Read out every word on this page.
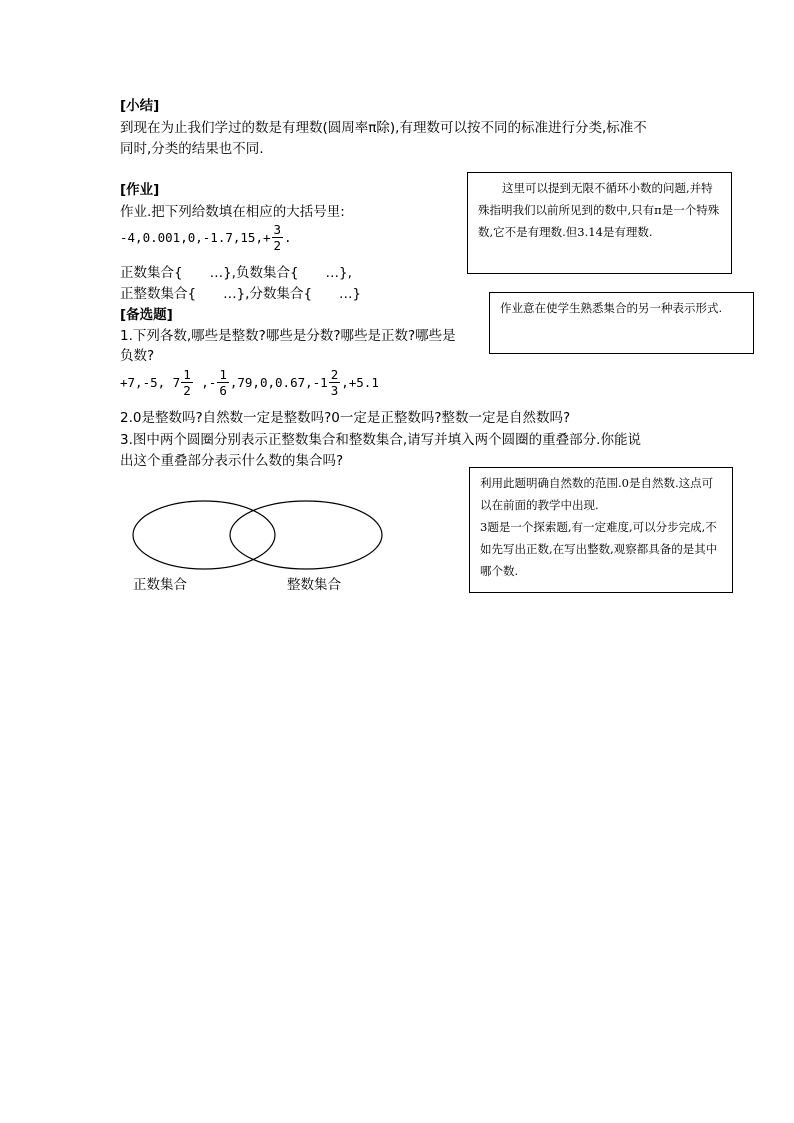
[小结]
到现在为止我们学过的数是有理数(圆周率π除),有理数可以按不同的标准进行分类,标准不
同时,分类的结果也不同.
[作业]
作业.把下列给数填在相应的大括号里:
$-4,0.001,0,-1.7,15,+ \frac{3}{2}$ .
正数集合{　　…},负数集合{　　…},
正整数集合{　　…},分数集合{　　…}
[备选题]
1.下列各数,哪些是整数?哪些是分数?哪些是正数?哪些是
负数?
+7,-5, $7 \frac{1}{2}$ ,- $\frac{1}{6} ,79,0,0.67,-1 \frac{2}{3} ,+5.1$
2.0是整数吗?自然数一定是整数吗?0一定是正整数吗?整数一定是自然数吗?
3.图中两个圆圈分别表示正整数集合和整数集合,请写并填入两个圆圈的重叠部分.你能说
出这个重叠部分表示什么数的集合吗?
正数集合	整数集合
这里可以提到无限不循环小数的问题,并特殊指明我们以前所见到的数中,只有π是一个特殊数,它不是有理数.但3.14是有理数.
作业意在使学生熟悉集合的另一种表示形式.
利用此题明确自然数的范围.0是自然数.这点可以在前面的教学中出现.
3题是一个探索题,有一定难度,可以分步完成,不如先写出正数,在写出整数,观察都具备的是其中哪个数.
